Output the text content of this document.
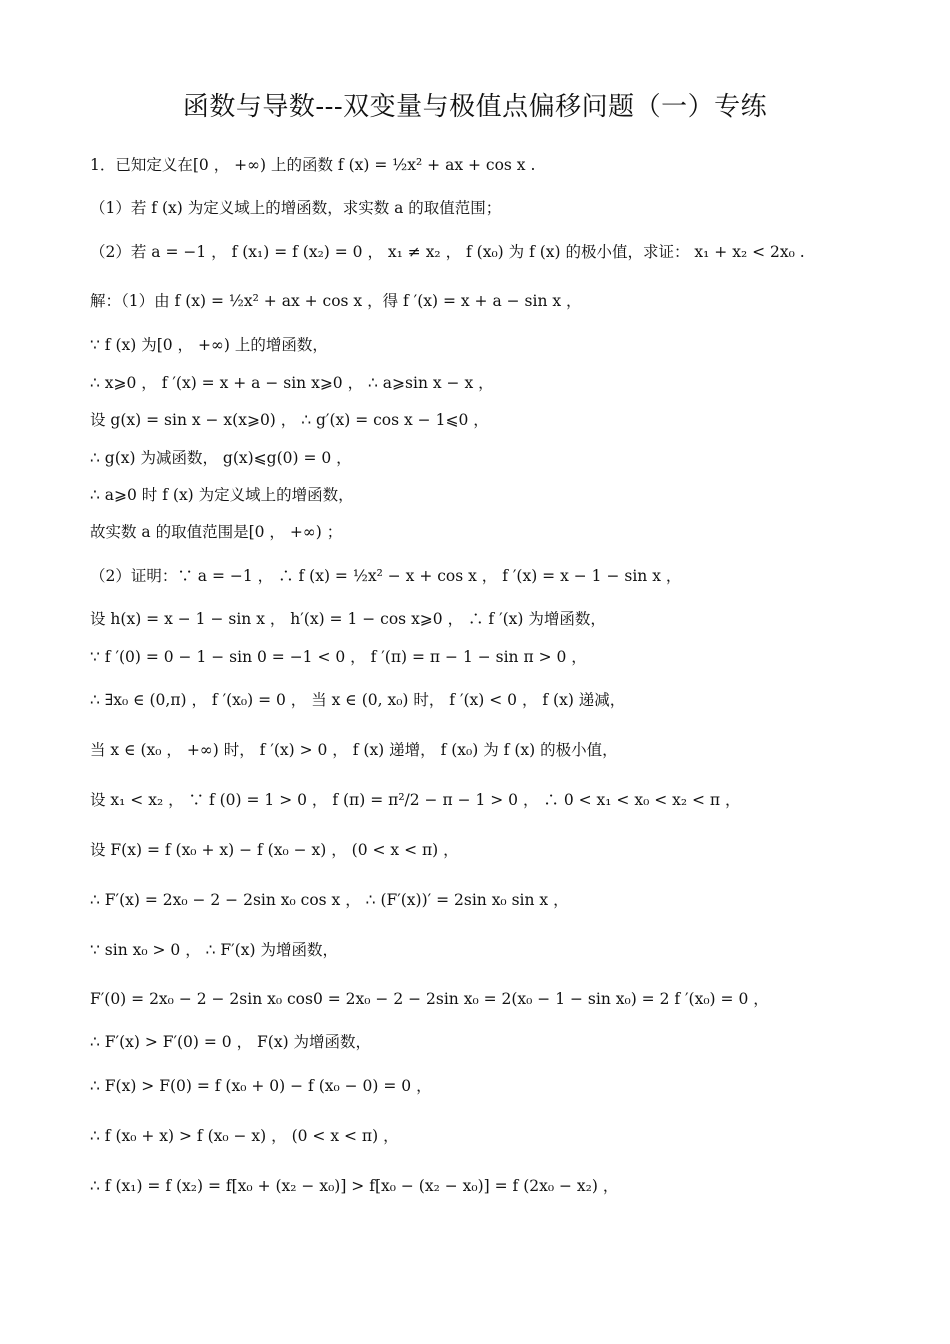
函数与导数---双变量与极值点偏移问题（一）专练
1．已知定义在[0 ， +∞) 上的函数 f (x) = ½x² + ax + cos x .
（1）若 f (x) 为定义域上的增函数，求实数 a 的取值范围；
（2）若 a = −1 ， f (x₁) = f (x₂) = 0 ， x₁ ≠ x₂ ， f (x₀) 为 f (x) 的极小值，求证： x₁ + x₂ < 2x₀ .
解：（1）由 f (x) = ½x² + ax + cos x ，得 f ′(x) = x + a − sin x ，
∵ f (x) 为[0 ， +∞) 上的增函数，
∴ x⩾0 ， f ′(x) = x + a − sin x⩾0 ， ∴ a⩾sin x − x ，
设 g(x) = sin x − x(x⩾0) ， ∴ g′(x) = cos x − 1⩽0 ，
∴ g(x) 为减函数， g(x)⩽g(0) = 0 ，
∴ a⩾0 时 f (x) 为定义域上的增函数，
故实数 a 的取值范围是[0 ， +∞) ；
（2）证明：∵ a = −1 ， ∴ f (x) = ½x² − x + cos x ， f ′(x) = x − 1 − sin x ，
设 h(x) = x − 1 − sin x ， h′(x) = 1 − cos x⩾0 ， ∴ f ′(x) 为增函数，
∵ f ′(0) = 0 − 1 − sin 0 = −1 < 0 ， f ′(π) = π − 1 − sin π > 0 ，
∴ ∃x₀ ∈ (0,π) ， f ′(x₀) = 0 ， 当 x ∈ (0, x₀) 时， f ′(x) < 0 ， f (x) 递减，
当 x ∈ (x₀ ， +∞) 时， f ′(x) > 0 ， f (x) 递增， f (x₀) 为 f (x) 的极小值，
设 x₁ < x₂ ， ∵ f (0) = 1 > 0 ， f (π) = π²/2 − π − 1 > 0 ， ∴ 0 < x₁ < x₀ < x₂ < π ，
设 F(x) = f (x₀ + x) − f (x₀ − x) ， (0 < x < π) ，
∴ F′(x) = 2x₀ − 2 − 2sin x₀ cos x ， ∴ (F′(x))′ = 2sin x₀ sin x ，
∵ sin x₀ > 0 ， ∴ F′(x) 为增函数，
F′(0) = 2x₀ − 2 − 2sin x₀ cos0 = 2x₀ − 2 − 2sin x₀ = 2(x₀ − 1 − sin x₀) = 2 f ′(x₀) = 0 ，
∴ F′(x) > F′(0) = 0 ， F(x) 为增函数，
∴ F(x) > F(0) = f (x₀ + 0) − f (x₀ − 0) = 0 ，
∴ f (x₀ + x) > f (x₀ − x) ， (0 < x < π) ，
∴ f (x₁) = f (x₂) = f[x₀ + (x₂ − x₀)] > f[x₀ − (x₂ − x₀)] = f (2x₀ − x₂) ，
